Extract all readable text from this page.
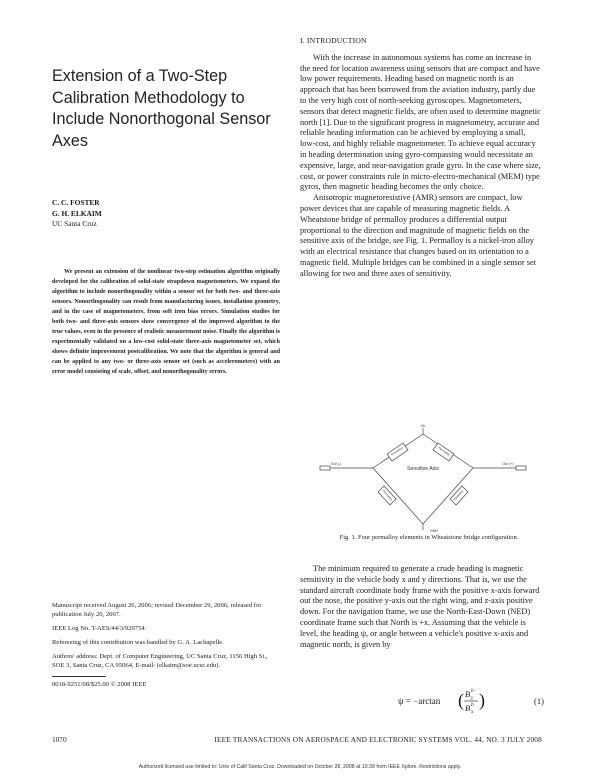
Extension of a Two-Step Calibration Methodology to Include Nonorthogonal Sensor Axes
C. C. FOSTER
G. H. ELKAIM
UC Santa Cruz

We present an extension of the nonlinear two-step estimation algorithm originally developed for the calibration of solid-state strapdown magnetometers. We expand the algorithm to include nonorthogonality within a sensor set for both two- and three-axis sensors. Nonorthogonality can result from manufacturing issues, installation geometry, and in the case of magnetometers, from soft iron bias errors. Simulation studies for both two- and three-axis sensors show convergence of the improved algorithm to the true values, even in the presence of realistic measurement noise. Finally the algorithm is experimentally validated on a low-cost solid-state three-axis magnetometer set, which shows definite improvement postcalibration. We note that the algorithm is general and can be applied to any two- or three-axis sensor set (such as accelerometers) with an error model consisting of scale, offset, and nonorthogonality errors.

Manuscript received August 26, 2006; revised December 29, 2006; released for publication July 20, 2007.

IEEE Log No. T-AES/44/3/929754.

Refereeing of this contribution was handled by G. A. Lachapelle.

Authors' address: Dept. of Computer Engineering, UC Santa Cruz, 1156 High St., SOE 3, Santa Cruz, CA 95064, E-mail: (elkaim@soe.ucsc.edu).

0018-9251/08/$25.00 © 2008 IEEE
I. INTRODUCTION

With the increase in autonomous systems has come an increase in the need for location awareness using sensors that are compact and have low power requirements. Heading based on magnetic north is an approach that has been borrowed from the aviation industry, partly due to the very high cost of north-seeking gyroscopes. Magnetometers, sensors that detect magnetic fields, are often used to determine magnetic north [1]. Due to the significant progress in magnetometry, accurate and reliable heading information can be achieved by employing a small, low-cost, and highly reliable magnetometer. To achieve equal accuracy in heading determination using gyro-compassing would necessitate an expensive, large, and near-navigation grade gyro. In the case where size, cost, or power constraints rule in micro-electro-mechanical (MEM) type gyros, then magnetic heading becomes the only choice.

Anisotropic magnetoresistive (AMR) sensors are compact, low power devices that are capable of measuring magnetic fields. A Wheatstone bridge of permalloy produces a differential output proportional to the direction and magnitude of magnetic fields on the sensitive axis of the bridge, see Fig. 1. Permalloy is a nickel-iron alloy with an electrical resistance that changes based on its orientation to a magnetic field. Multiple bridges can be combined in a single sensor set allowing for two and three axes of sensitivity.

Vb
Out (-)	Out (+)
GND
Sensitive Axis
Permalloy	Permalloy
Permalloy	Permalloy
Fig. 1. Four permalloy elements in Wheatstone bridge configuration.

The minimum required to generate a crude heading is magnetic sensitivity in the vehicle body x and y directions. That is, we use the standard aircraft coordinate body frame with the positive x-axis forward out the nose, the positive y-axis out the right wing, and z-axis positive down. For the navigation frame, we use the North-East-Down (NED) coordinate frame such that North is +x. Assuming that the vehicle is level, the heading ψ, or angle between a vehicle's positive x-axis and magnetic north, is given by

ψ = −arctan ( B b
y
B b
x
)	(1)
1070	IEEE TRANSACTIONS ON AEROSPACE AND ELECTRONIC SYSTEMS VOL. 44, NO. 3 JULY 2008
Authorized licensed use limited to: Univ of Calif Santa Cruz. Downloaded on October 28, 2008 at 19:39 from IEEE Xplore. Restrictions apply.
